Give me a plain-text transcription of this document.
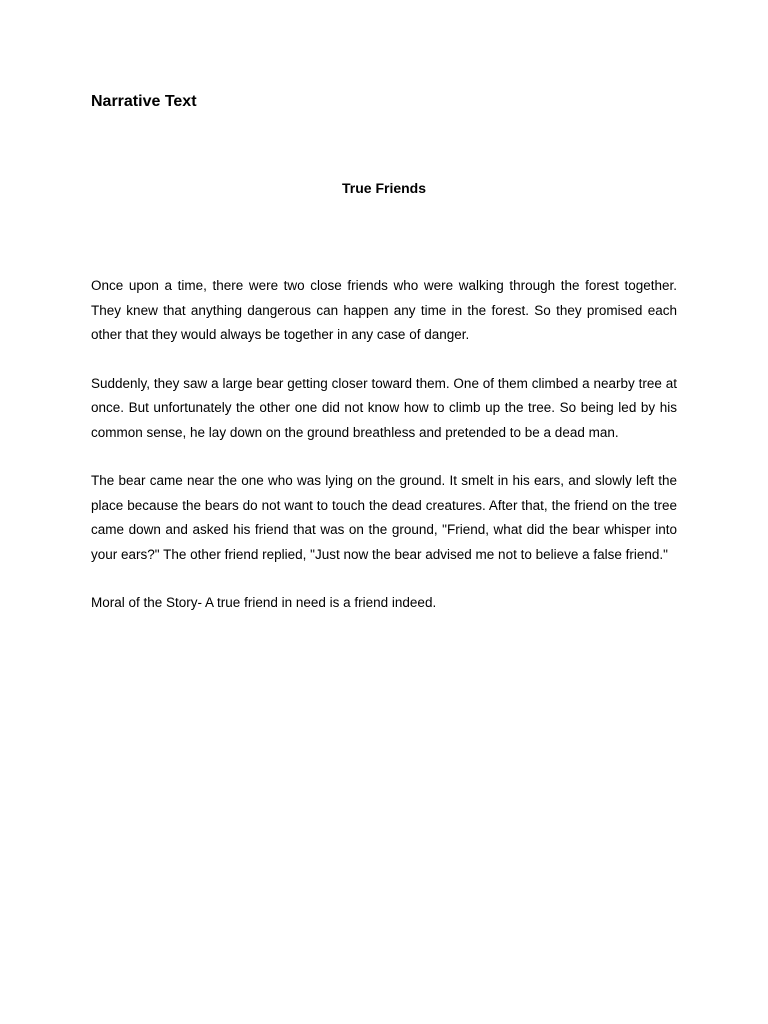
Narrative Text
True Friends

Once upon a time, there were two close friends who were walking through the forest together. They knew that anything dangerous can happen any time in the forest. So they promised each other that they would always be together in any case of danger.

Suddenly, they saw a large bear getting closer toward them. One of them climbed a nearby tree at once. But unfortunately the other one did not know how to climb up the tree. So being led by his common sense, he lay down on the ground breathless and pretended to be a dead man.

The bear came near the one who was lying on the ground. It smelt in his ears, and slowly left the place because the bears do not want to touch the dead creatures. After that, the friend on the tree came down and asked his friend that was on the ground, "Friend, what did the bear whisper into your ears?" The other friend replied, "Just now the bear advised me not to believe a false friend."

Moral of the Story- A true friend in need is a friend indeed.
